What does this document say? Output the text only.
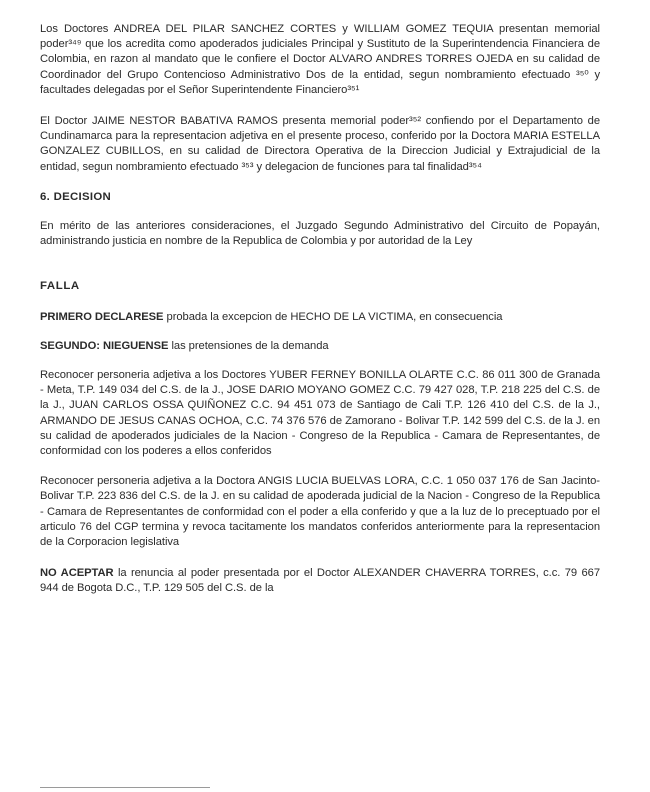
Los Doctores ANDREA DEL PILAR SANCHEZ CORTES y WILLIAM GOMEZ TEQUIA presentan memorial poder³⁴⁹ que los acredita como apoderados judiciales Principal y Sustituto de la Superintendencia Financiera de Colombia, en razon al mandato que le confiere el Doctor ALVARO ANDRES TORRES OJEDA en su calidad de Coordinador del Grupo Contencioso Administrativo Dos de la entidad, segun nombramiento efectuado ³⁵⁰ y facultades delegadas por el Señor Superintendente Financiero³⁵¹

El Doctor JAIME NESTOR BABATIVA RAMOS presenta memorial poder³⁵² confiendo por el Departamento de Cundinamarca para la representacion adjetiva en el presente proceso, conferido por la Doctora MARIA ESTELLA GONZALEZ CUBILLOS, en su calidad de Directora Operativa de la Direccion Judicial y Extrajudicial de la entidad, segun nombramiento efectuado ³⁵³ y delegacion de funciones para tal finalidad³⁵⁴

6. DECISION

En mérito de las anteriores consideraciones, el Juzgado Segundo Administrativo del Circuito de Popayán, administrando justicia en nombre de la Republica de Colombia y por autoridad de la Ley

FALLA

PRIMERO DECLARESE probada la excepcion de HECHO DE LA VICTIMA, en consecuencia

SEGUNDO: NIEGUENSE las pretensiones de la demanda

Reconocer personeria adjetiva a los Doctores YUBER FERNEY BONILLA OLARTE C.C. 86 011 300 de Granada - Meta, T.P. 149 034 del C.S. de la J., JOSE DARIO MOYANO GOMEZ C.C. 79 427 028, T.P. 218 225 del C.S. de la J., JUAN CARLOS OSSA QUIÑONEZ C.C. 94 451 073 de Santiago de Cali T.P. 126 410 del C.S. de la J., ARMANDO DE JESUS CANAS OCHOA, C.C. 74 376 576 de Zamorano - Bolivar T.P. 142 599 del C.S. de la J. en su calidad de apoderados judiciales de la Nacion - Congreso de la Republica - Camara de Representantes, de conformidad con los poderes a ellos conferidos

Reconocer personeria adjetiva a la Doctora ANGIS LUCIA BUELVAS LORA, C.C. 1 050 037 176 de San Jacinto- Bolivar T.P. 223 836 del C.S. de la J. en su calidad de apoderada judicial de la Nacion - Congreso de la Republica - Camara de Representantes de conformidad con el poder a ella conferido y que a la luz de lo preceptuado por el articulo 76 del CGP termina y revoca tacitamente los mandatos conferidos anteriormente para la representacion de la Corporacion legislativa

NO ACEPTAR la renuncia al poder presentada por el Doctor ALEXANDER CHAVERRA TORRES, c.c. 79 667 944 de Bogota D.C., T.P. 129 505 del C.S. de la
